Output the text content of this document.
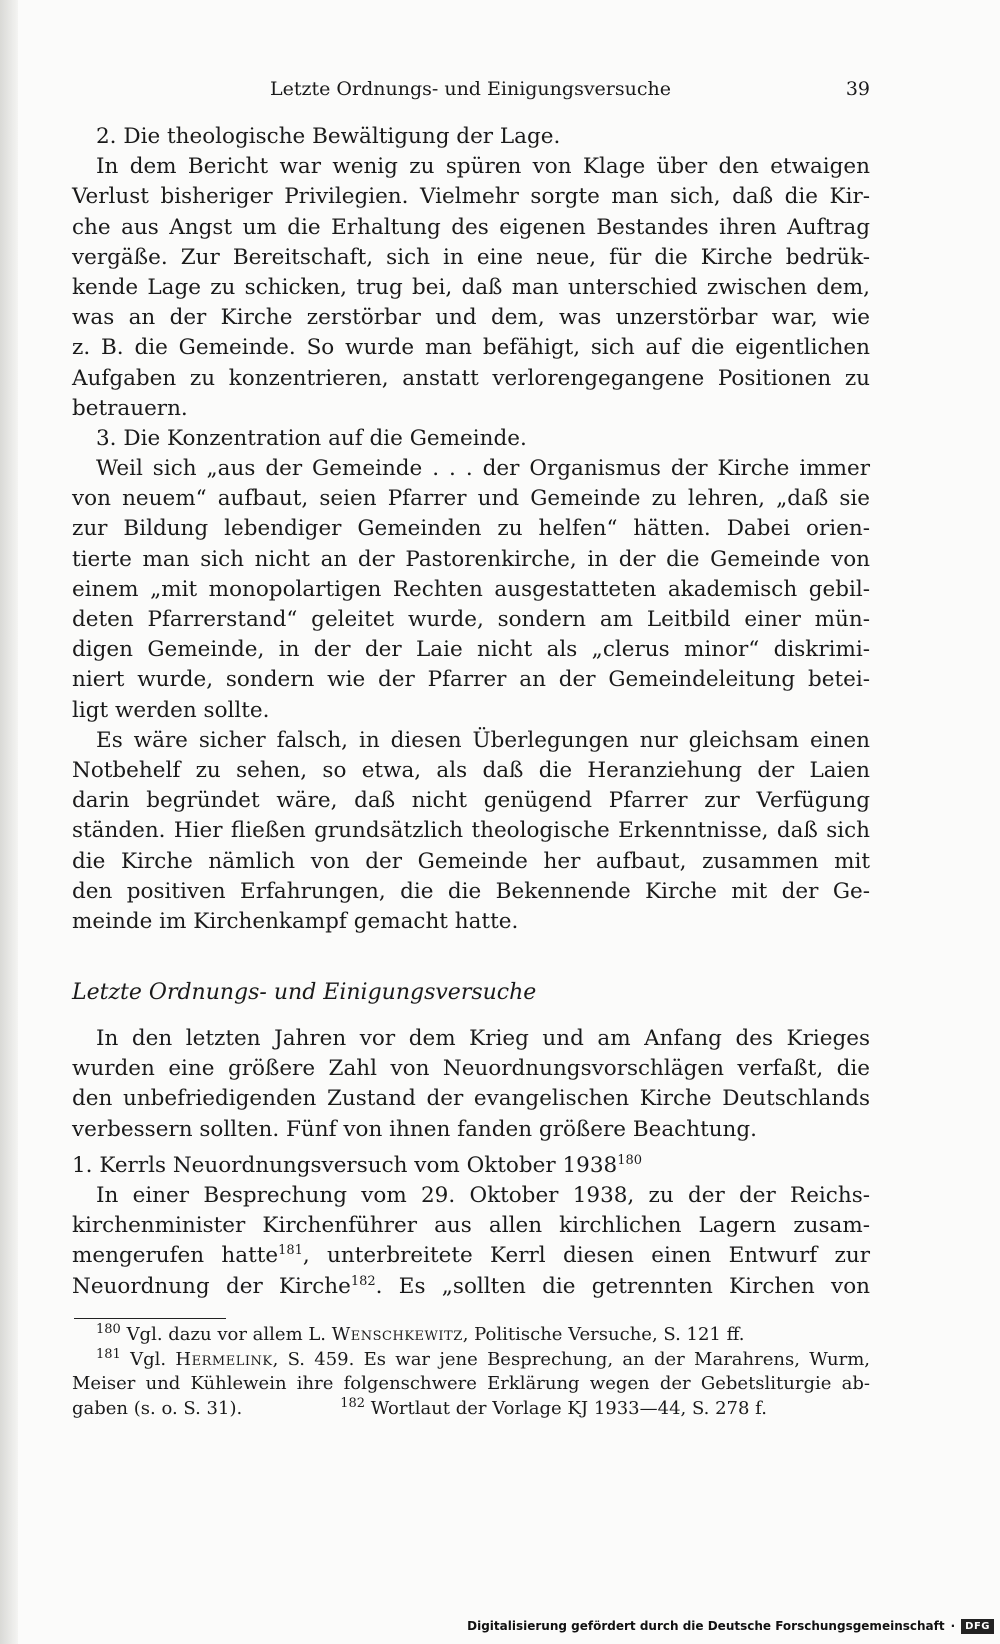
Letzte Ordnungs- und Einigungsversuche	39
2. Die theologische Bewältigung der Lage.
In dem Bericht war wenig zu spüren von Klage über den etwaigen
Verlust bisheriger Privilegien. Vielmehr sorgte man sich, daß die Kir-
che aus Angst um die Erhaltung des eigenen Bestandes ihren Auftrag
vergäße. Zur Bereitschaft, sich in eine neue, für die Kirche bedrük-
kende Lage zu schicken, trug bei, daß man unterschied zwischen dem,
was an der Kirche zerstörbar und dem, was unzerstörbar war, wie
z. B. die Gemeinde. So wurde man befähigt, sich auf die eigentlichen
Aufgaben zu konzentrieren, anstatt verlorengegangene Positionen zu
betrauern.
3. Die Konzentration auf die Gemeinde.
Weil sich „aus der Gemeinde . . . der Organismus der Kirche immer
von neuem“ aufbaut, seien Pfarrer und Gemeinde zu lehren, „daß sie
zur Bildung lebendiger Gemeinden zu helfen“ hätten. Dabei orien-
tierte man sich nicht an der Pastorenkirche, in der die Gemeinde von
einem „mit monopolartigen Rechten ausgestatteten akademisch gebil-
deten Pfarrerstand“ geleitet wurde, sondern am Leitbild einer mün-
digen Gemeinde, in der der Laie nicht als „clerus minor“ diskrimi-
niert wurde, sondern wie der Pfarrer an der Gemeindeleitung betei-
ligt werden sollte.
Es wäre sicher falsch, in diesen Überlegungen nur gleichsam einen
Notbehelf zu sehen, so etwa, als daß die Heranziehung der Laien
darin begründet wäre, daß nicht genügend Pfarrer zur Verfügung
ständen. Hier fließen grundsätzlich theologische Erkenntnisse, daß sich
die Kirche nämlich von der Gemeinde her aufbaut, zusammen mit
den positiven Erfahrungen, die die Bekennende Kirche mit der Ge-
meinde im Kirchenkampf gemacht hatte.
Letzte Ordnungs- und Einigungsversuche
In den letzten Jahren vor dem Krieg und am Anfang des Krieges
wurden eine größere Zahl von Neuordnungsvorschlägen verfaßt, die
den unbefriedigenden Zustand der evangelischen Kirche Deutschlands
verbessern sollten. Fünf von ihnen fanden größere Beachtung.
1. Kerrls Neuordnungsversuch vom Oktober 1938$^{180}$
In einer Besprechung vom 29. Oktober 1938, zu der der Reichs-
kirchenminister Kirchenführer aus allen kirchlichen Lagern zusam-
mengerufen hatte$^{181}$, unterbreitete Kerrl diesen einen Entwurf zur
Neuordnung der Kirche$^{182}$. Es „sollten die getrennten Kirchen von
$^{180}$ Vgl. dazu vor allem L. Wenschkewitz, Politische Versuche, S. 121 ff.
$^{181}$ Vgl. Hermelink, S. 459. Es war jene Besprechung, an der Marahrens, Wurm,
Meiser und Kühlewein ihre folgenschwere Erklärung wegen der Gebetsliturgie ab-
gaben (s. o. S. 31).	$^{182}$ Wortlaut der Vorlage KJ 1933—44, S. 278 f.
Digitalisierung gefördert durch die Deutsche Forschungsgemeinschaft ·	DFG
